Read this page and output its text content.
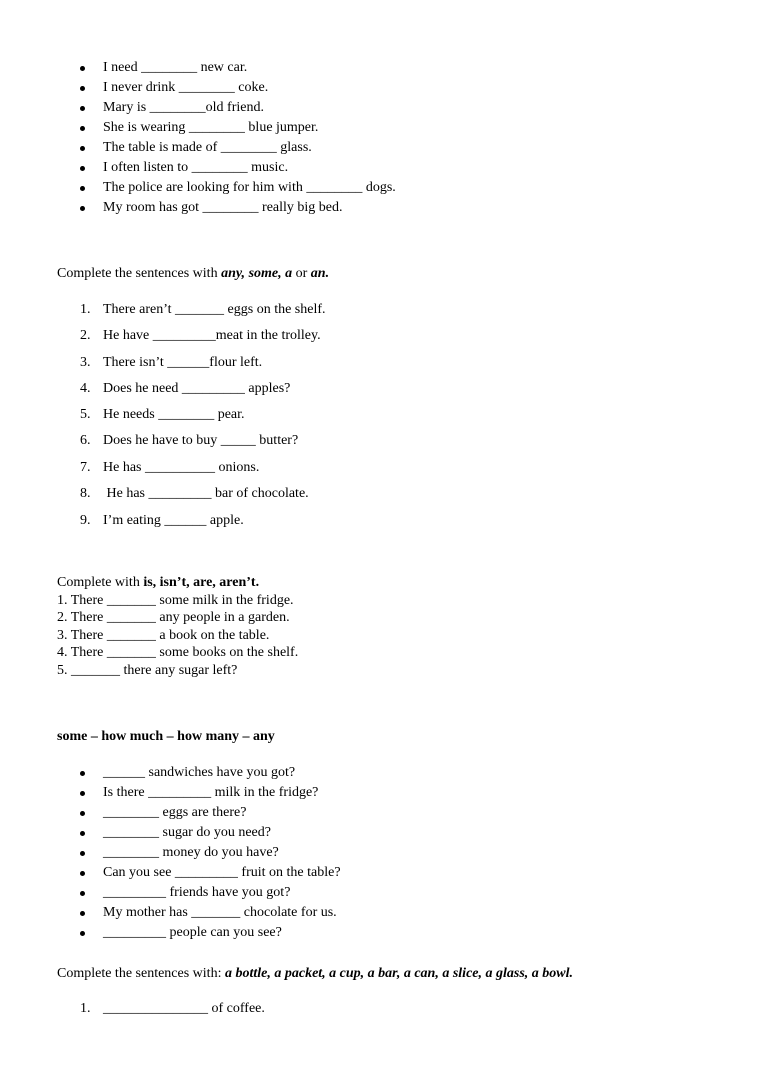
I need ________ new car.
I never drink ________ coke.
Mary is ________old friend.
She is wearing ________ blue jumper.
The table is made of ________ glass.
I often listen to ________ music.
The police are looking for him with ________ dogs.
My room has got ________ really big bed.
Complete the sentences with any, some, a or an.
1. There aren’t _______ eggs on the shelf.
2. He have _________meat in the trolley.
3. There isn’t ______flour left.
4. Does he need _________ apples?
5. He needs ________ pear.
6. Does he have to buy _____ butter?
7. He has __________ onions.
8. He has _________ bar of chocolate.
9. I’m eating ______ apple.
Complete with is, isn’t, are, aren’t.
1. There _______ some milk in the fridge.
2. There _______ any people in a garden.
3. There _______ a book on the table.
4. There _______ some books on the shelf.
5. _______ there any sugar left?
some – how much – how many – any
______ sandwiches have you got?
Is there _________ milk in the fridge?
________ eggs are there?
________ sugar do you need?
________ money do you have?
Can you see _________ fruit on the table?
_________ friends have you got?
My mother has _______ chocolate for us.
_________ people can you see?
Complete the sentences with: a bottle, a packet, a cup, a bar, a can, a slice, a glass, a bowl.
1. _______________ of coffee.
